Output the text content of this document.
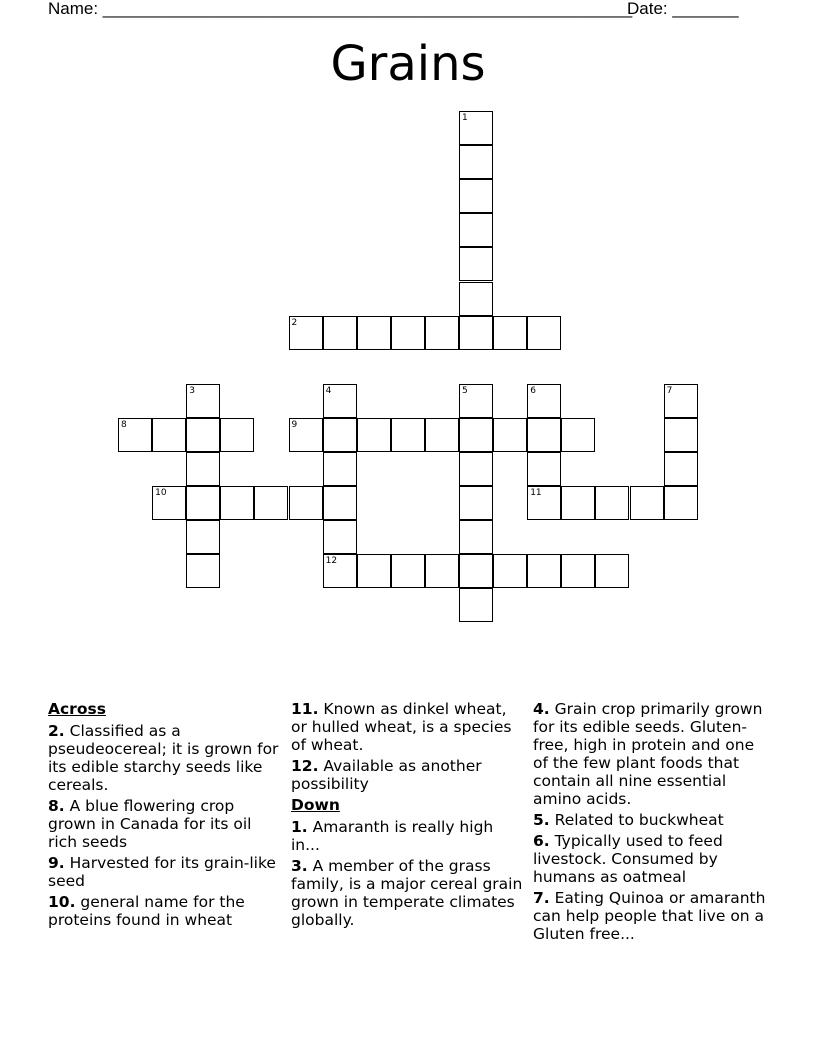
Name: ________________________________________________________
Date: _______
Grains
1
2
3	4
12
5	6
11
7
8	9
10
Across
2. Classified as a pseudeocereal; it is grown for its edible starchy seeds like cereals.
8. A blue flowering crop grown in Canada for its oil rich seeds
9. Harvested for its grain-like seed
10. general name for the proteins found in wheat
11. Known as dinkel wheat, or hulled wheat, is a species of wheat.
12. Available as another possibility
Down
1. Amaranth is really high in...
3. A member of the grass family, is a major cereal grain grown in temperate climates globally.
4. Grain crop primarily grown for its edible seeds. Gluten-free, high in protein and one of the few plant foods that contain all nine essential amino acids.
5. Related to buckwheat
6. Typically used to feed livestock. Consumed by humans as oatmeal
7. Eating Quinoa or amaranth can help people that live on a Gluten free...
